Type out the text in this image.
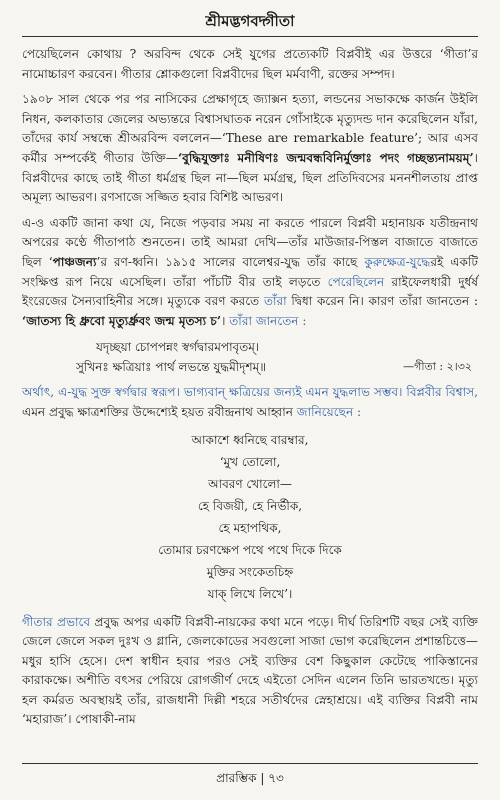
শ্রীমদ্ভগবদ্গীতা

পেয়েছিলেন কোথায় ? অরবিন্দ থেকে সেই যুগের প্রত্যেকটি বিপ্লবীই এর উত্তরে ‘গীতা’র নামোচ্চারণ করবেন। গীতার শ্লোকগুলো বিপ্লবীদের ছিল মর্মবাণী, রক্তের সম্পদ।

১৯০৮ সাল থেকে পর পর নাসিকের প্রেক্ষাগৃহে জ্যাক্সন হত্যা, লন্ডনের সভাকক্ষে কার্জন উইলি নিধন, কলকাতার জেলের অভ্যন্তরে বিশ্বাসঘাতক নরেন গোঁসাইকে মৃত্যুদন্ড দান করেছিলেন যাঁরা, তাঁদের কার্য সম্বন্ধে শ্রীঅরবিন্দ বললেন—‘These are remarkable feature’; আর এসব কর্মীর সম্পর্কেই গীতার উক্তি—‘বুদ্ধিযুক্তাঃ মনীষিণঃ জন্মবন্ধবিনির্মুক্তাঃ পদং গচ্ছন্ত্যনাময়ম্’। বিপ্লবীদের কাছে তাই গীতা ধর্মগ্রন্থ ছিল না—ছিল মর্মগ্রন্থ, ছিল প্রতিদিবসের মননশীলতায় প্রাপ্ত অমূল্য আভরণ। রণসাজে সজ্জিত হবার বিশিষ্ট আভরণ।

এ-ও একটি জানা কথা যে, নিজে পড়বার সময় না করতে পারলে বিপ্লবী মহানায়ক যতীন্দ্রনাথ অপরের কণ্ঠে গীতাপাঠ শুনতেন। তাই আমরা দেখি—তাঁর মাউজার-পিস্তল বাজাতে বাজাতে ছিল ‘পাঞ্চজন্য’র রণ-ধ্বনি। ১৯১৫ সালের বালেশ্বর-যুদ্ধ তাঁর কাছে কুরুক্ষেত্র-যুদ্ধেরই একটি সংক্ষিপ্ত রূপ নিয়ে এসেছিল। তাঁরা পাঁচটি বীর তাই লড়তে পেরেছিলেন রাইফেলধারী দুর্ধর্ষ ইংরেজের সৈন্যবাহিনীর সঙ্গে। মৃত্যুকে বরণ করতে তাঁরা দ্বিধা করেন নি। কারণ তাঁরা জানতেন : ‘জাতস্য হি ধ্রুবো মৃত্যুর্ধ্রুবং জন্ম মৃতস্য চ’। তাঁরা জানতেন :

যদৃচ্ছয়া চোপপন্নং স্বর্গদ্বারমপাবৃতম্।
সুখিনঃ ক্ষত্রিয়াঃ পার্থ লভন্তে যুদ্ধমীদৃশম্॥	—গীতা : ২।৩২

অর্থাৎ, এ-যুদ্ধ সুক্ত স্বর্গদ্বার স্বরূপ। ভাগ্যবান্ ক্ষত্রিয়ের জন্যই এমন যুদ্ধলাভ সম্ভব। বিপ্লবীর বিশ্বাস, এমন প্রবুদ্ধ ক্ষাত্রশক্তির উদ্দেশ্যেই হয়ত রবীন্দ্রনাথ আহ্বান জানিয়েছেন :

আকাশে ধ্বনিছে বারম্বার,
‘মুখ তোলো,
আবরণ খোলো—
হে বিজয়ী, হে নির্ভীক,
হে মহাপথিক,
তোমার চরণক্ষেপ পথে পথে দিকে দিকে
মুক্তির সংকেতচিহ্ন
যাক্ লিখে লিখে’।

গীতার প্রভাবে প্রবুদ্ধ অপর একটি বিপ্লবী-নায়কের কথা মনে পড়ে। দীর্ঘ তিরিশটি বছর সেই ব্যক্তি জেলে জেলে সকল দুঃখ ও গ্লানি, জেলকোডের সবগুলো সাজা ভোগ করেছিলেন প্রশান্তচিত্তে—মধুর হাসি হেসে। দেশ স্বাধীন হবার পরও সেই ব্যক্তির বেশ কিছুকাল কেটেছে পাকিস্তানের কারাকক্ষে। অশীতি বৎসর পেরিয়ে রোগজীর্ণ দেহে এইতো সেদিন এলেন তিনি ভারতখন্ডে। মৃত্যু হল কর্মরত অবস্থায়ই তাঁর, রাজধানী দিল্লী শহরে সতীর্থদের স্নেহাশ্রয়ে। এই ব্যক্তির বিপ্লবী নাম ‘মহারাজ’। পোষাকী-নাম

প্রারম্ভিক | ৭৩
